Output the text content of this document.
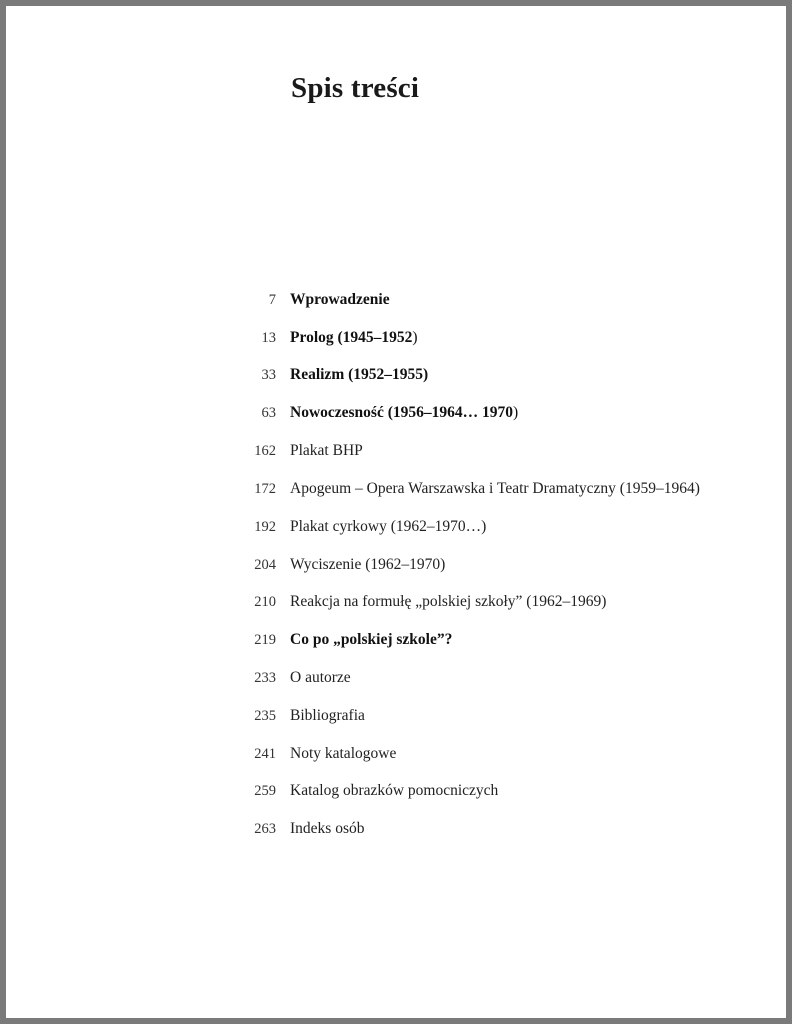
Spis treści
7 Wprowadzenie
13 Prolog (1945–1952)
33 Realizm (1952–1955)
63 Nowoczesność (1956–1964… 1970)
162 Plakat BHP
172 Apogeum – Opera Warszawska i Teatr Dramatyczny (1959–1964)
192 Plakat cyrkowy (1962–1970…)
204 Wyciszenie (1962–1970)
210 Reakcja na formułę „polskiej szkoły” (1962–1969)
219 Co po „polskiej szkole”?
233 O autorze
235 Bibliografia
241 Noty katalogowe
259 Katalog obrazków pomocniczych
263 Indeks osób
